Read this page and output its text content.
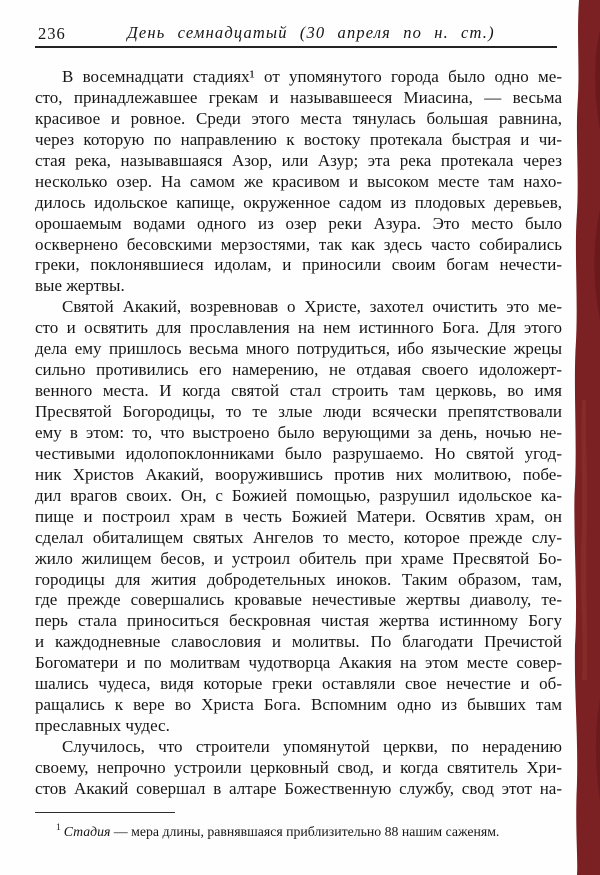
236	День семнадцатый (30 апреля по н. ст.)
В восемнадцати стадиях¹ от упомянутого города было одно ме-
сто, принадлежавшее грекам и называвшееся Миасина, — весьма
красивое и ровное. Среди этого места тянулась большая равнина,
через которую по направлению к востоку протекала быстрая и чи-
стая река, называвшаяся Азор, или Азур; эта река протекала через
несколько озер. На самом же красивом и высоком месте там нахо-
дилось идольское капище, окруженное садом из плодовых деревьев,
орошаемым водами одного из озер реки Азура. Это место было
осквернено бесовскими мерзостями, так как здесь часто собирались
греки, поклонявшиеся идолам, и приносили своим богам нечести-
вые жертвы.
Святой Акакий, возревновав о Христе, захотел очистить это ме-
сто и освятить для прославления на нем истинного Бога. Для этого
дела ему пришлось весьма много потрудиться, ибо языческие жрецы
сильно противились его намерению, не отдавая своего идоложерт-
венного места. И когда святой стал строить там церковь, во имя
Пресвятой Богородицы, то те злые люди всячески препятствовали
ему в этом: то, что выстроено было верующими за день, ночью не-
честивыми идолопоклонниками было разрушаемо. Но святой угод-
ник Христов Акакий, вооружившись против них молитвою, побе-
дил врагов своих. Он, с Божией помощью, разрушил идольское ка-
пище и построил храм в честь Божией Матери. Освятив храм, он
сделал обиталищем святых Ангелов то место, которое прежде слу-
жило жилищем бесов, и устроил обитель при храме Пресвятой Бо-
городицы для жития добродетельных иноков. Таким образом, там,
где прежде совершались кровавые нечестивые жертвы диаволу, те-
перь стала приноситься бескровная чистая жертва истинному Богу
и каждодневные славословия и молитвы. По благодати Пречистой
Богоматери и по молитвам чудотворца Акакия на этом месте совер-
шались чудеса, видя которые греки оставляли свое нечестие и об-
ращались к вере во Христа Бога. Вспомним одно из бывших там
преславных чудес.
Случилось, что строители упомянутой церкви, по нерадению
своему, непрочно устроили церковный свод, и когда святитель Хри-
стов Акакий совершал в алтаре Божественную службу, свод этот на-
$^1$ Стадия — мера длины, равнявшаяся приблизительно 88 нашим саженям.
